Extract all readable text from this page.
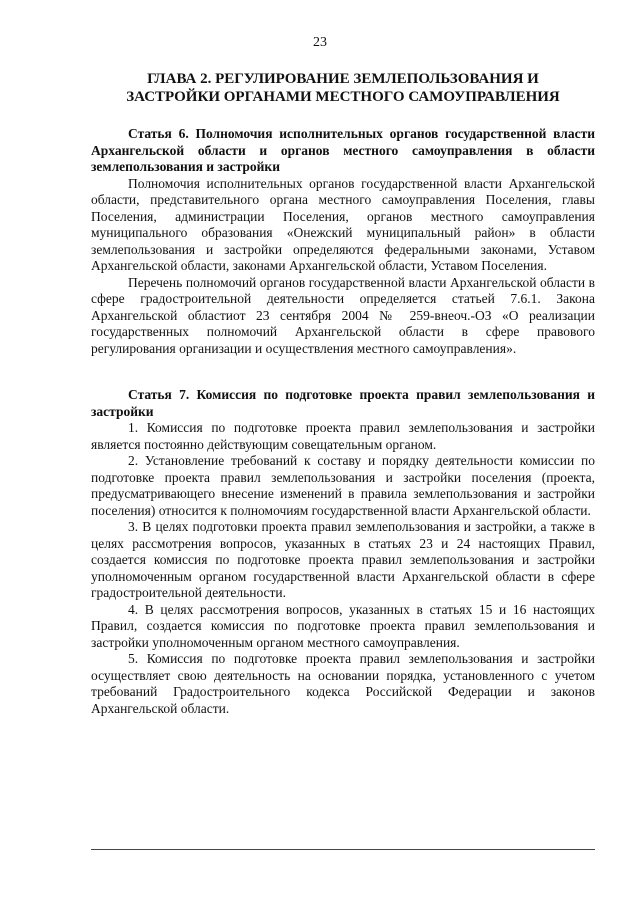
23
ГЛАВА 2. РЕГУЛИРОВАНИЕ ЗЕМЛЕПОЛЬЗОВАНИЯ И
ЗАСТРОЙКИ ОРГАНАМИ МЕСТНОГО САМОУПРАВЛЕНИЯ

Статья 6. Полномочия исполнительных органов государственной власти Архангельской области и органов местного самоуправления в области землепользования и застройки

Полномочия исполнительных органов государственной власти Архангельской области, представительного органа местного самоуправления Поселения, главы Поселения, администрации Поселения, органов местного самоуправления муниципального образования «Онежский муниципальный район» в области землепользования и застройки определяются федеральными законами, Уставом Архангельской области, законами Архангельской области, Уставом Поселения.

Перечень полномочий органов государственной власти Архангельской области в сфере градостроительной деятельности определяется статьей 7.6.1. Закона Архангельской областиот 23 сентября 2004 № 259-внеоч.-ОЗ «О реализации государственных полномочий Архангельской области в сфере правового регулирования организации и осуществления местного самоуправления».

Статья 7. Комиссия по подготовке проекта правил землепользования и застройки

1. Комиссия по подготовке проекта правил землепользования и застройки является постоянно действующим совещательным органом.

2. Установление требований к составу и порядку деятельности комиссии по подготовке проекта правил землепользования и застройки поселения (проекта, предусматривающего внесение изменений в правила землепользования и застройки поселения) относится к полномочиям государственной власти Архангельской области.

3. В целях подготовки проекта правил землепользования и застройки, а также в целях рассмотрения вопросов, указанных в статьях 23 и 24 настоящих Правил, создается комиссия по подготовке проекта правил землепользования и застройки уполномоченным органом государственной власти Архангельской области в сфере градостроительной деятельности.

4. В целях рассмотрения вопросов, указанных в статьях 15 и 16 настоящих Правил, создается комиссия по подготовке проекта правил землепользования и застройки уполномоченным органом местного самоуправления.

5. Комиссия по подготовке проекта правил землепользования и застройки осуществляет свою деятельность на основании порядка, установленного с учетом требований Градостроительного кодекса Российской Федерации и законов Архангельской области.
